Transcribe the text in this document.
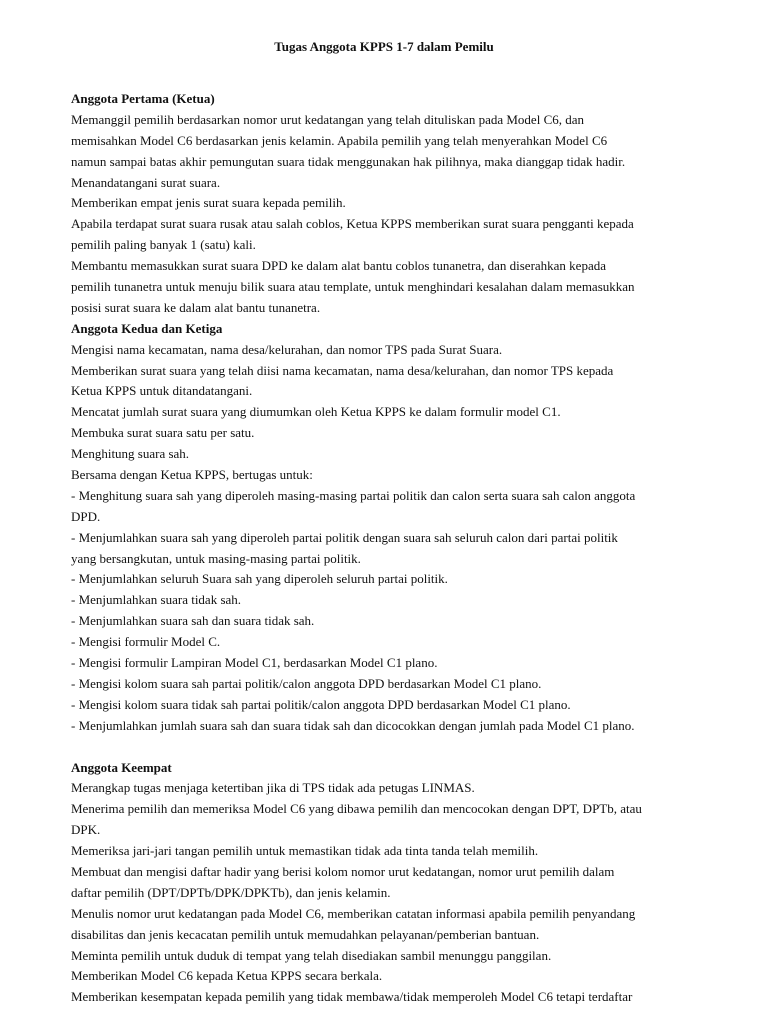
Tugas Anggota KPPS 1-7 dalam Pemilu
Anggota Pertama (Ketua)
Memanggil pemilih berdasarkan nomor urut kedatangan yang telah dituliskan pada Model C6, dan
memisahkan Model C6 berdasarkan jenis kelamin. Apabila pemilih yang telah menyerahkan Model C6
namun sampai batas akhir pemungutan suara tidak menggunakan hak pilihnya, maka dianggap tidak hadir.
Menandatangani surat suara.
Memberikan empat jenis surat suara kepada pemilih.
Apabila terdapat surat suara rusak atau salah coblos, Ketua KPPS memberikan surat suara pengganti kepada
pemilih paling banyak 1 (satu) kali.
Membantu memasukkan surat suara DPD ke dalam alat bantu coblos tunanetra, dan diserahkan kepada
pemilih tunanetra untuk menuju bilik suara atau template, untuk menghindari kesalahan dalam memasukkan
posisi surat suara ke dalam alat bantu tunanetra.
Anggota Kedua dan Ketiga
Mengisi nama kecamatan, nama desa/kelurahan, dan nomor TPS pada Surat Suara.
Memberikan surat suara yang telah diisi nama kecamatan, nama desa/kelurahan, dan nomor TPS kepada
Ketua KPPS untuk ditandatangani.
Mencatat jumlah surat suara yang diumumkan oleh Ketua KPPS ke dalam formulir model C1.
Membuka surat suara satu per satu.
Menghitung suara sah.
Bersama dengan Ketua KPPS, bertugas untuk:
- Menghitung suara sah yang diperoleh masing-masing partai politik dan calon serta suara sah calon anggota
DPD.
- Menjumlahkan suara sah yang diperoleh partai politik dengan suara sah seluruh calon dari partai politik
yang bersangkutan, untuk masing-masing partai politik.
- Menjumlahkan seluruh Suara sah yang diperoleh seluruh partai politik.
- Menjumlahkan suara tidak sah.
- Menjumlahkan suara sah dan suara tidak sah.
- Mengisi formulir Model C.
- Mengisi formulir Lampiran Model C1, berdasarkan Model C1 plano.
- Mengisi kolom suara sah partai politik/calon anggota DPD berdasarkan Model C1 plano.
- Mengisi kolom suara tidak sah partai politik/calon anggota DPD berdasarkan Model C1 plano.
- Menjumlahkan jumlah suara sah dan suara tidak sah dan dicocokkan dengan jumlah pada Model C1 plano.
Anggota Keempat
Merangkap tugas menjaga ketertiban jika di TPS tidak ada petugas LINMAS.
Menerima pemilih dan memeriksa Model C6 yang dibawa pemilih dan mencocokan dengan DPT, DPTb, atau
DPK.
Memeriksa jari-jari tangan pemilih untuk memastikan tidak ada tinta tanda telah memilih.
Membuat dan mengisi daftar hadir yang berisi kolom nomor urut kedatangan, nomor urut pemilih dalam
daftar pemilih (DPT/DPTb/DPK/DPKTb), dan jenis kelamin.
Menulis nomor urut kedatangan pada Model C6, memberikan catatan informasi apabila pemilih penyandang
disabilitas dan jenis kecacatan pemilih untuk memudahkan pelayanan/pemberian bantuan.
Meminta pemilih untuk duduk di tempat yang telah disediakan sambil menunggu panggilan.
Memberikan Model C6 kepada Ketua KPPS secara berkala.
Memberikan kesempatan kepada pemilih yang tidak membawa/tidak memperoleh Model C6 tetapi terdaftar
